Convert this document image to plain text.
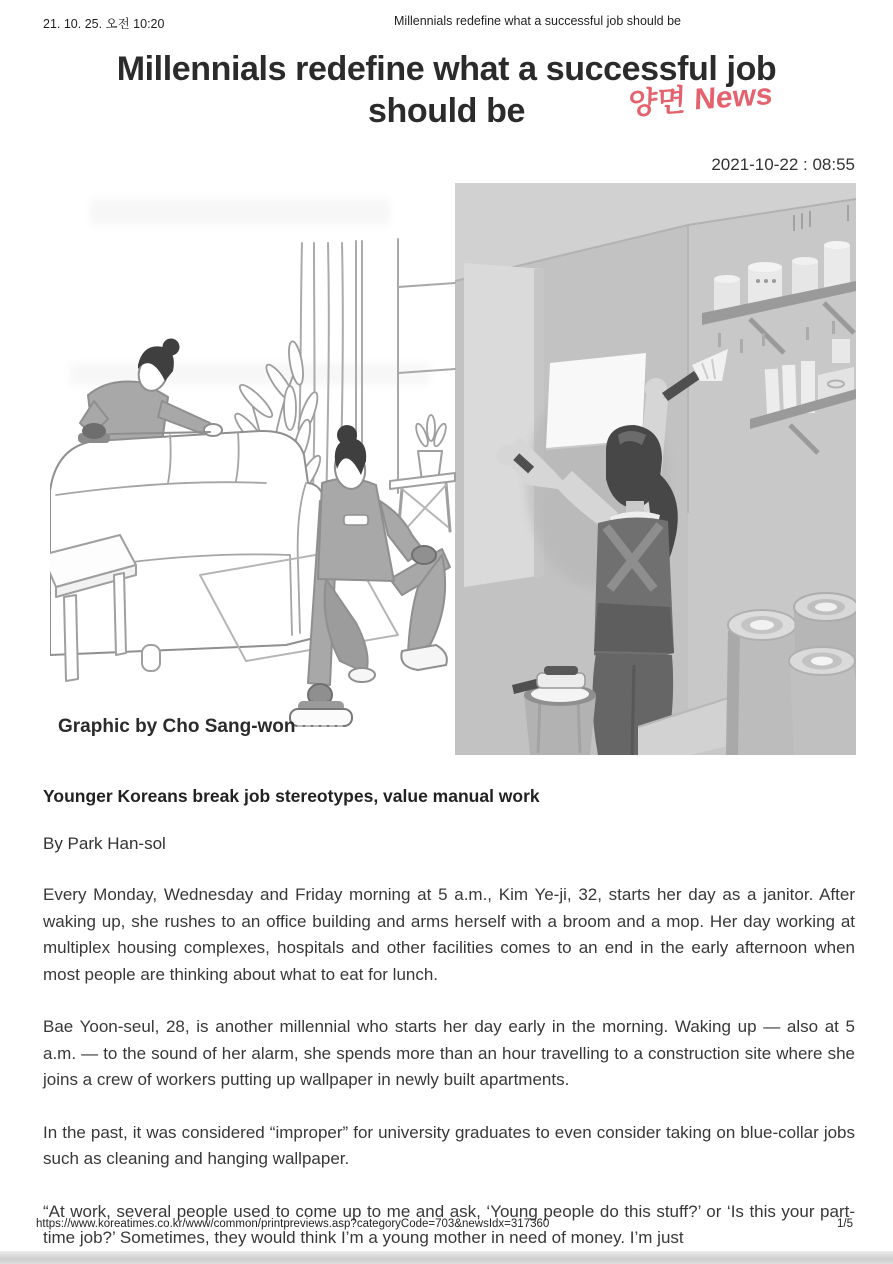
21. 10. 25. 오전 10:20	Millennials redefine what a successful job should be
Millennials redefine what a successful job
should be	양면 News
2021-10-22 : 08:55
Graphic by Cho Sang-won
Younger Koreans break job stereotypes, value manual work
By Park Han-sol

Every Monday, Wednesday and Friday morning at 5 a.m., Kim Ye-ji, 32, starts her day as a janitor. After waking up, she rushes to an office building and arms herself with a broom and a mop. Her day working at multiplex housing complexes, hospitals and other facilities comes to an end in the early afternoon when most people are thinking about what to eat for lunch.

Bae Yoon-seul, 28, is another millennial who starts her day early in the morning. Waking up — also at 5 a.m. — to the sound of her alarm, she spends more than an hour travelling to a construction site where she joins a crew of workers putting up wallpaper in newly built apartments.

In the past, it was considered “improper” for university graduates to even consider taking on blue-collar jobs such as cleaning and hanging wallpaper.

“At work, several people used to come up to me and ask, ‘Young people do this stuff?’ or ‘Is this your part-time job?’ Sometimes, they would think I’m a young mother in need of money. I’m just

https://www.koreatimes.co.kr/www/common/printpreviews.asp?categoryCode=703&newsIdx=317360	1/5
